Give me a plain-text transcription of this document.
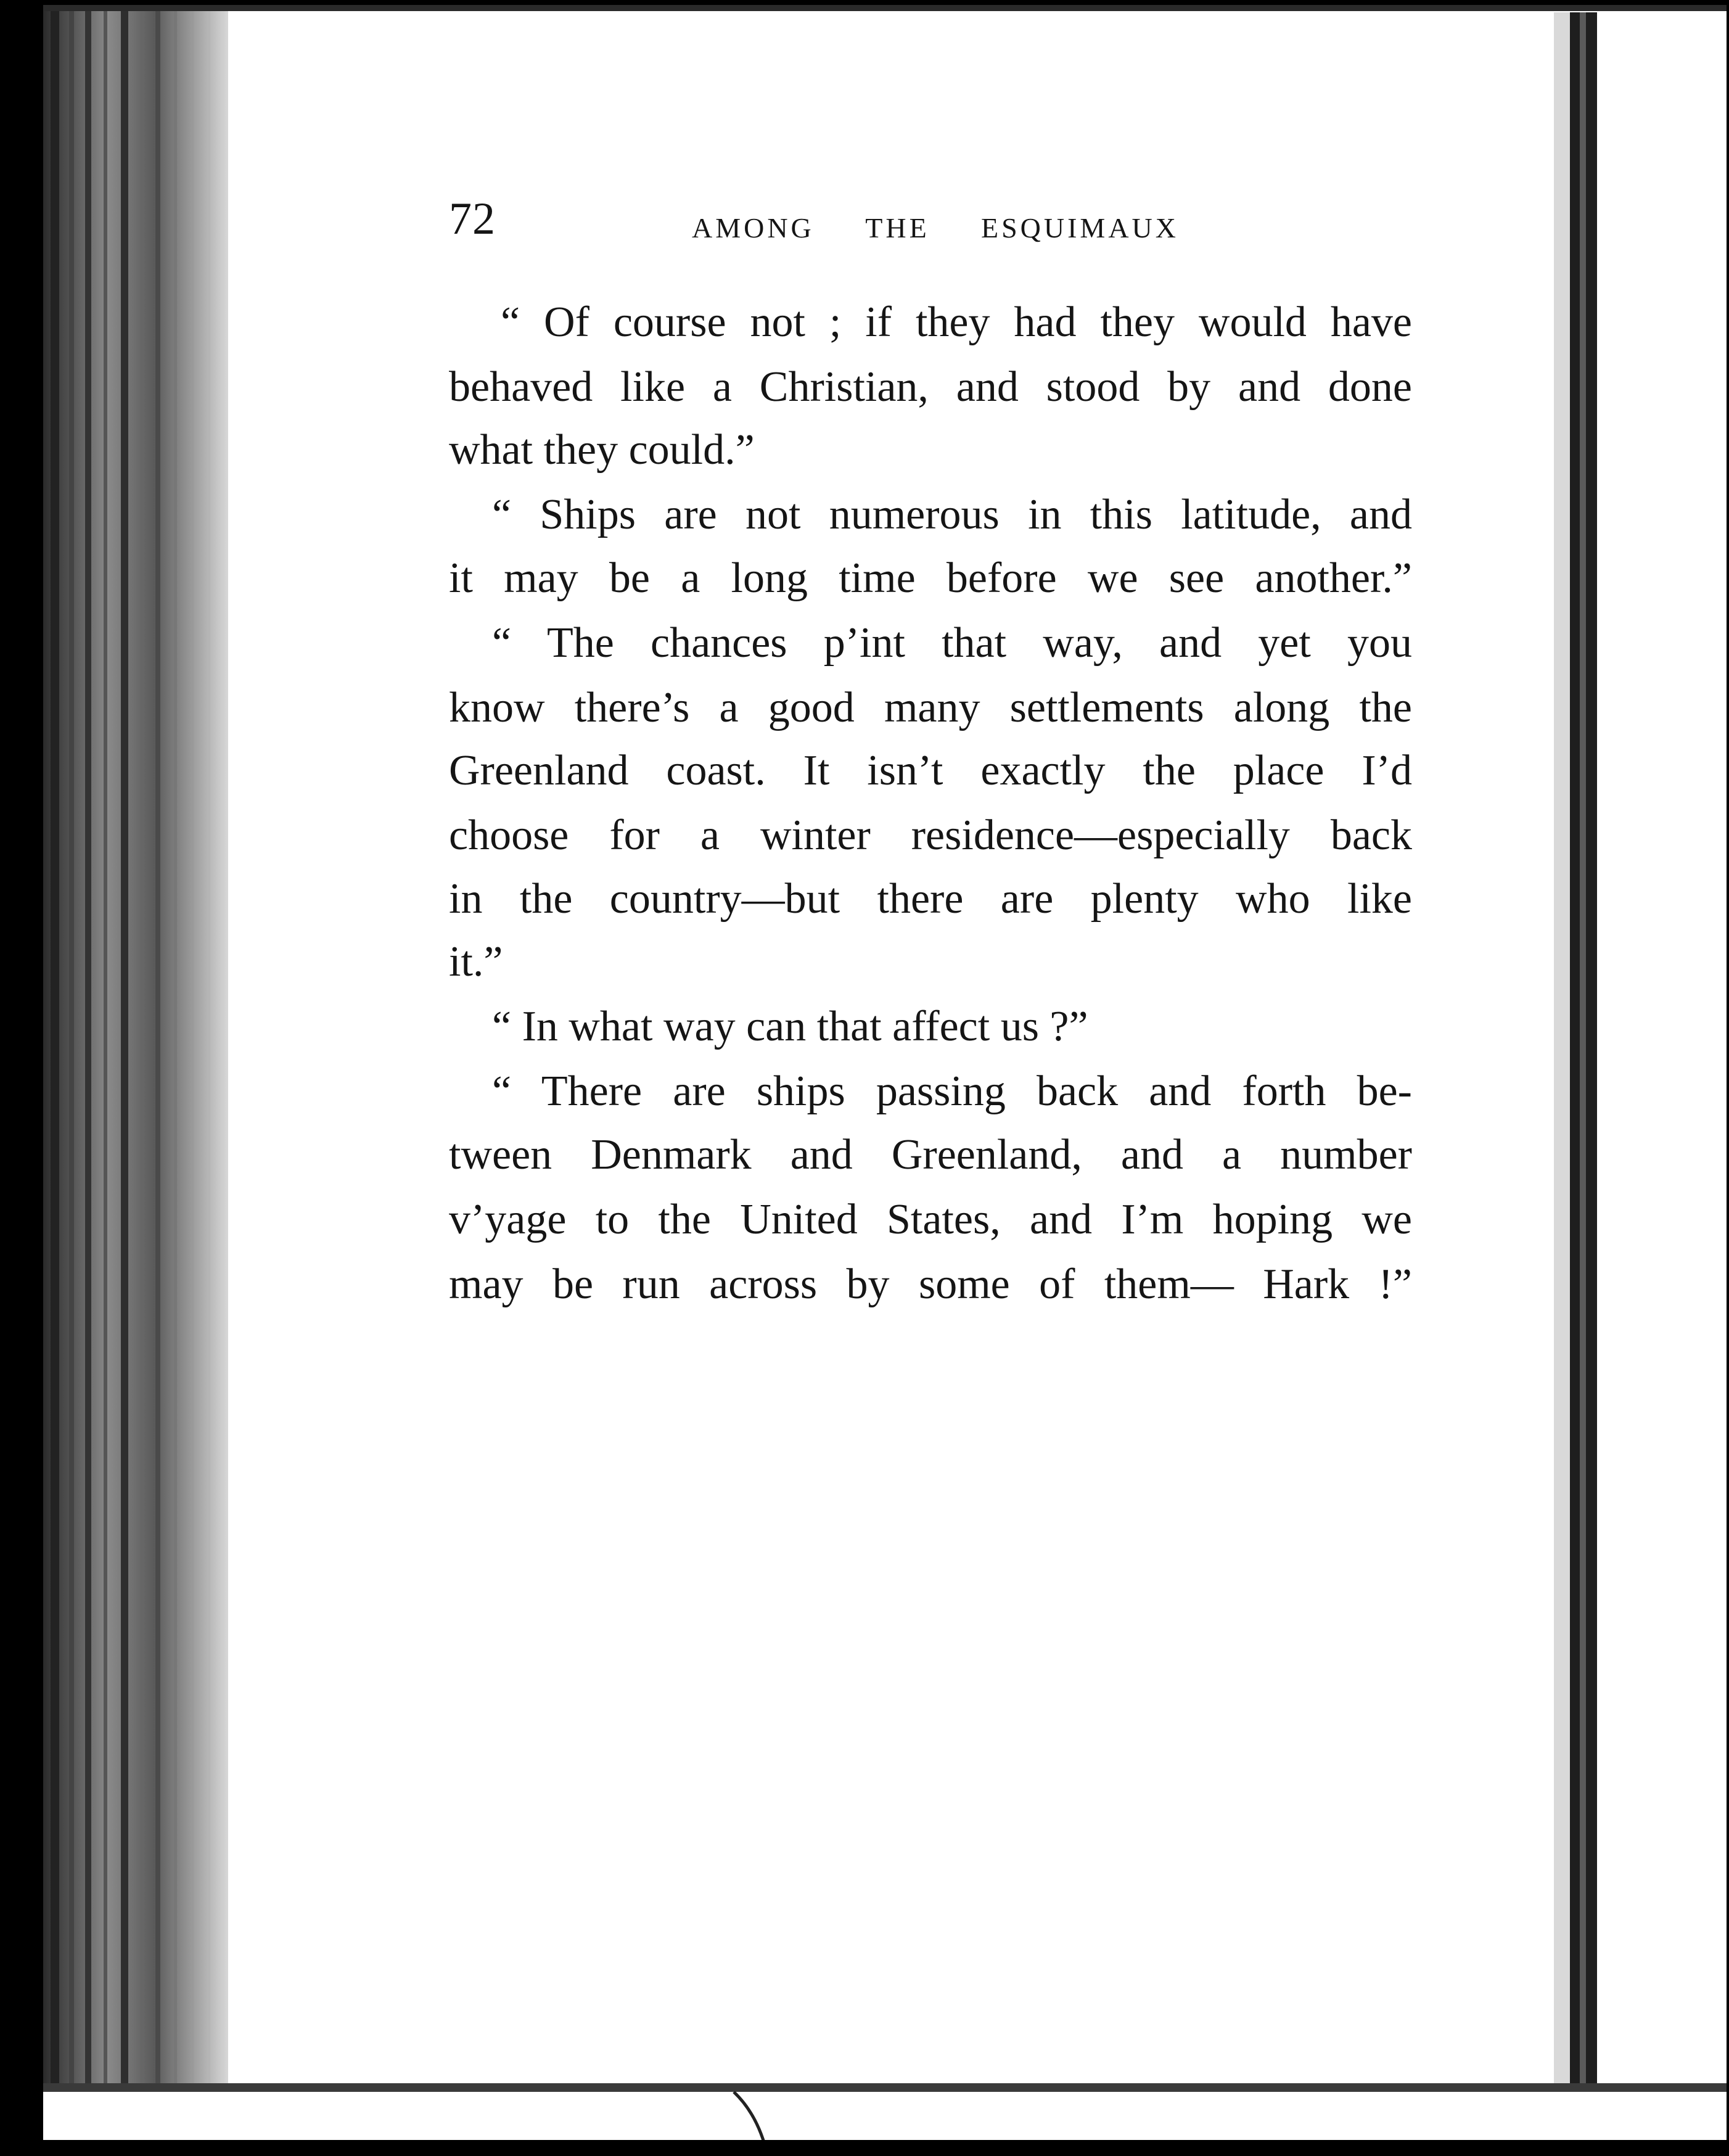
72	AMONG THE ESQUIMAUX
“ Of course not ; if they had they would have
behaved like a Christian, and stood by and done
what they could.”
“ Ships are not numerous in this latitude, and
it may be a long time before we see another.”
“ The chances p’int that way, and yet you
know there’s a good many settlements along the
Greenland coast. It isn’t exactly the place I’d
choose for a winter residence—especially back
in the country—but there are plenty who like
it.”
“ In what way can that affect us ?”
“ There are ships passing back and forth be-
tween Denmark and Greenland, and a number
v’yage to the United States, and I’m hoping we
may be run across by some of them— Hark !”
